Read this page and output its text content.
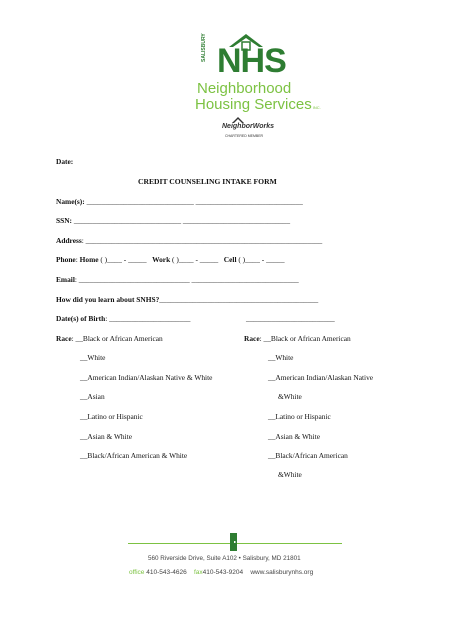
SALISBURY NHS
Neighborhood
Housing ServicesINC.
NeighborWorks
CHARTERED MEMBER
Date:
CREDIT COUNSELING INTAKE FORM
Name(s): _____________________________ _____________________________
SSN: _____________________________ _____________________________
Address: ________________________________________________________________
Phone: Home ( )____ - _____ Work ( )____ - _____ Cell ( )____ - _____
Email: ______________________________ _____________________________
How did you learn about SNHS?___________________________________________
Date(s) of Birth: ______________________	________________________
Race: __Black or African American
__White
__American Indian/Alaskan Native & White
__Asian
__Latino or Hispanic
__Asian & White
__Black/African American & White
Race: __Black or African American
__White
__American Indian/Alaskan Native
&White
__Latino or Hispanic
__Asian & White
__Black/African American
&White
560 Riverside Drive, Suite A102 • Salisbury, MD 21801
office 410-543-4626 fax410-543-9204 www.salisburynhs.org
